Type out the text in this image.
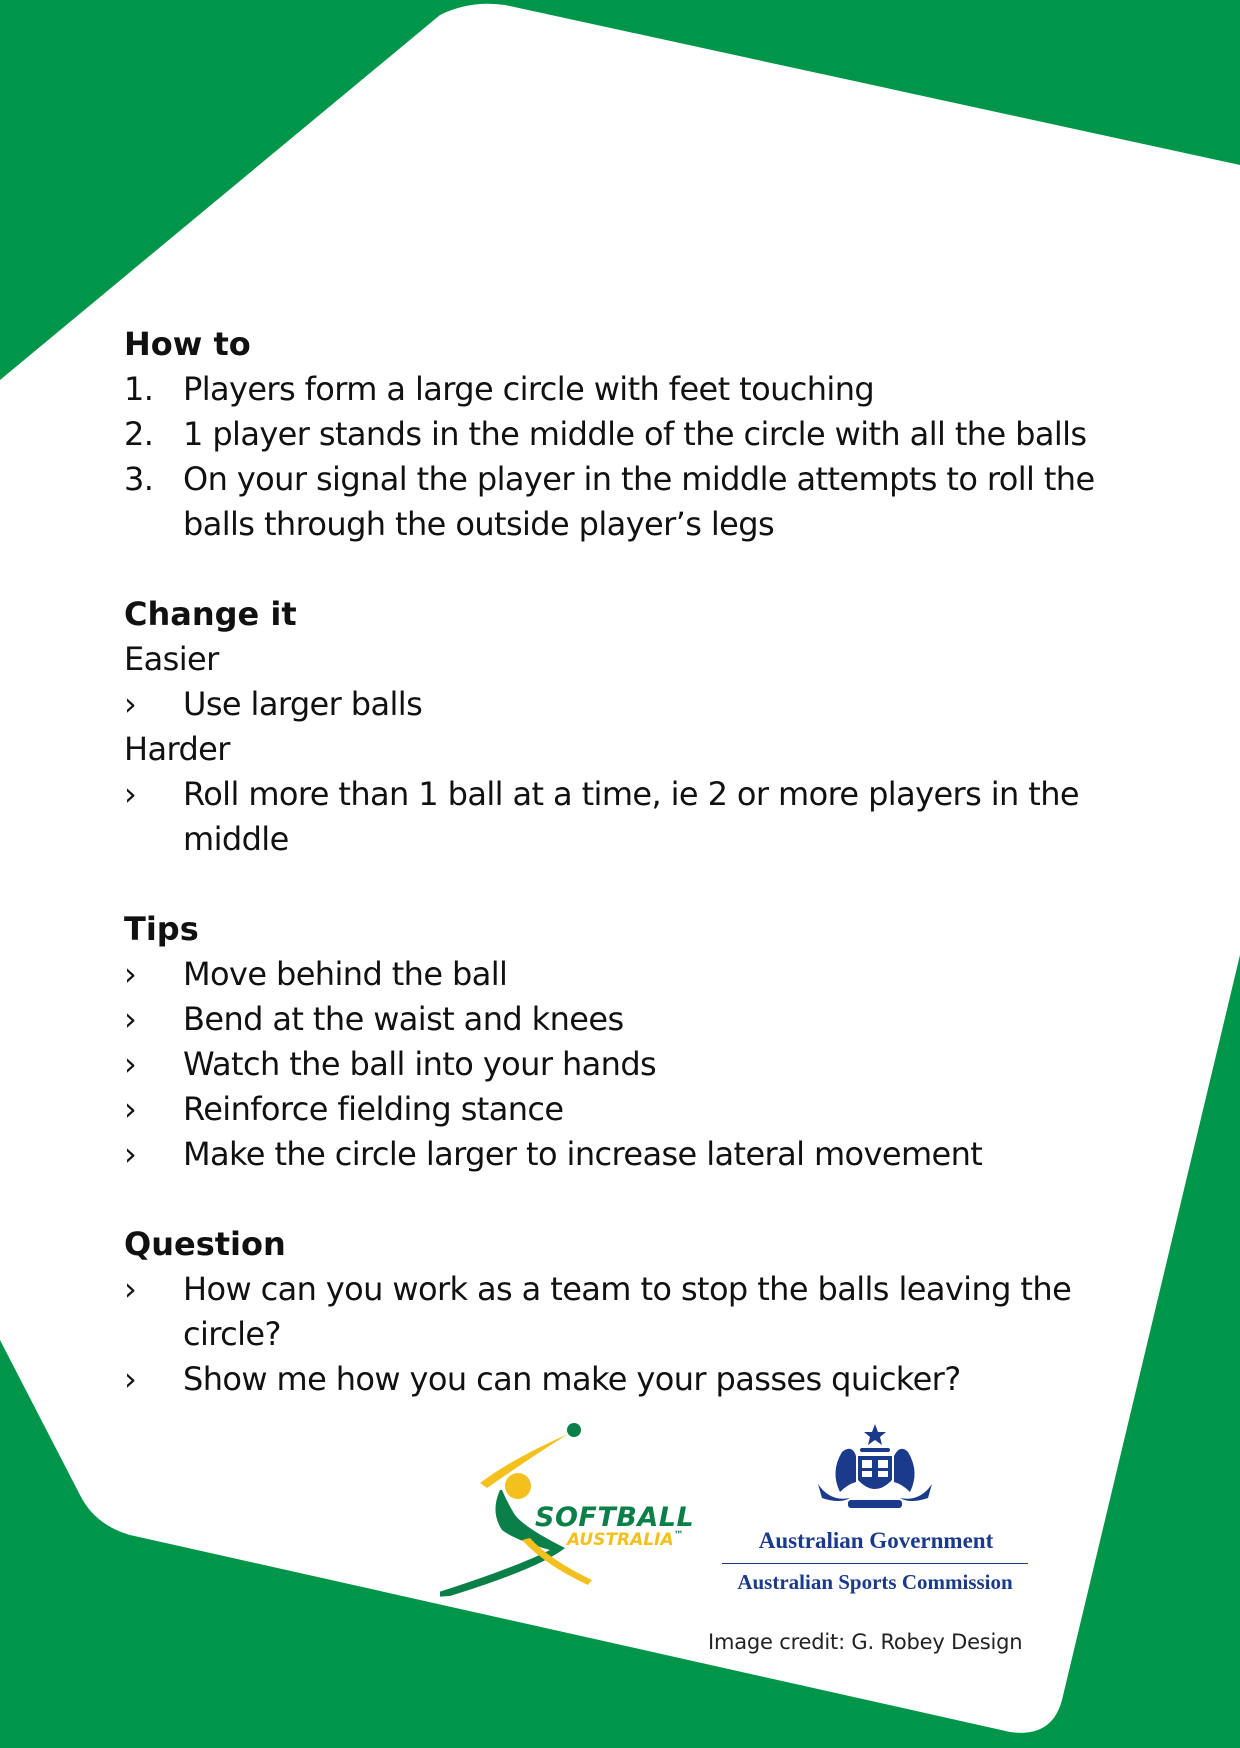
How to
1. Players form a large circle with feet touching
2. 1 player stands in the middle of the circle with all the balls
3. On your signal the player in the middle attempts to roll the
balls through the outside player’s legs
Change it
Easier
›	Use larger balls
Harder
›	Roll more than 1 ball at a time, ie 2 or more players in the
middle
Tips
›	Move behind the ball
›	Bend at the waist and knees
›	Watch the ball into your hands
›	Reinforce fielding stance
›	Make the circle larger to increase lateral movement
Question
›	How can you work as a team to stop the balls leaving the
circle?
›	Show me how you can make your passes quicker?
SOFTBALL
AUSTRALIA™	Australian Government
Australian Sports Commission
Image credit: G. Robey Design
